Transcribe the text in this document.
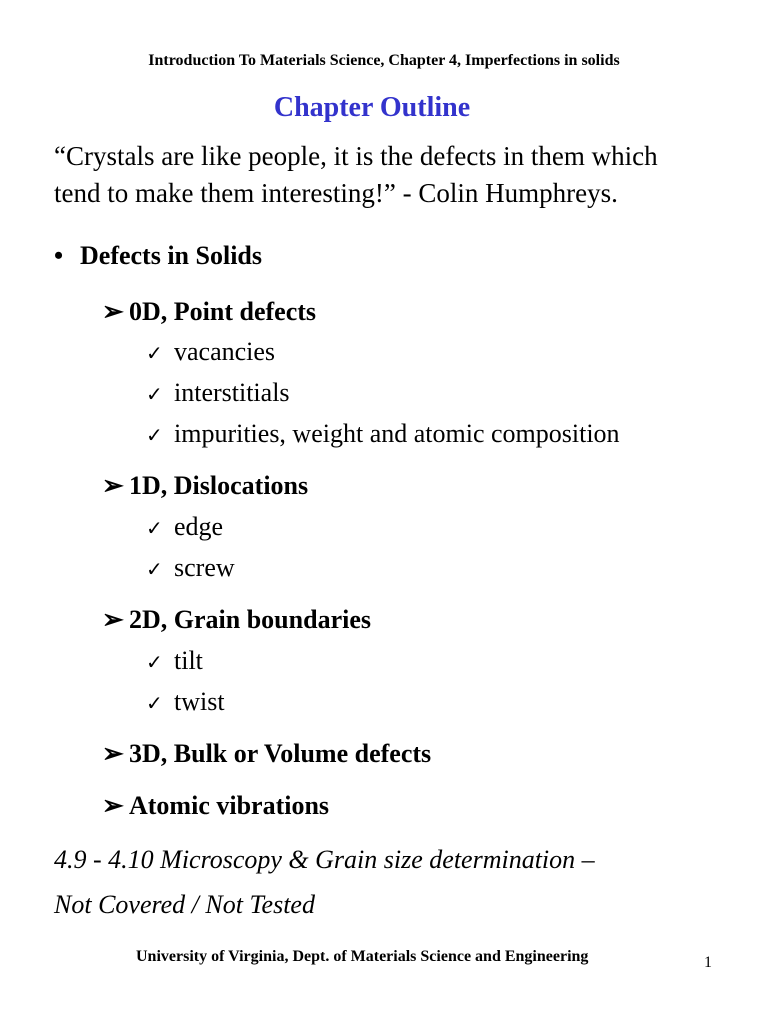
Introduction To Materials Science, Chapter 4, Imperfections in solids
Chapter Outline
“Crystals are like people, it is the defects in them which
tend to make them interesting!” - Colin Humphreys.
• Defects in Solids
➢ 0D, Point defects
✓ vacancies
✓ interstitials
✓ impurities, weight and atomic composition
➢ 1D, Dislocations
✓ edge
✓ screw
➢ 2D, Grain boundaries
✓ tilt
✓ twist
➢ 3D, Bulk or Volume defects
➢ Atomic vibrations
4.9 - 4.10 Microscopy & Grain size determination –
Not Covered / Not Tested
University of Virginia, Dept. of Materials Science and Engineering	1
